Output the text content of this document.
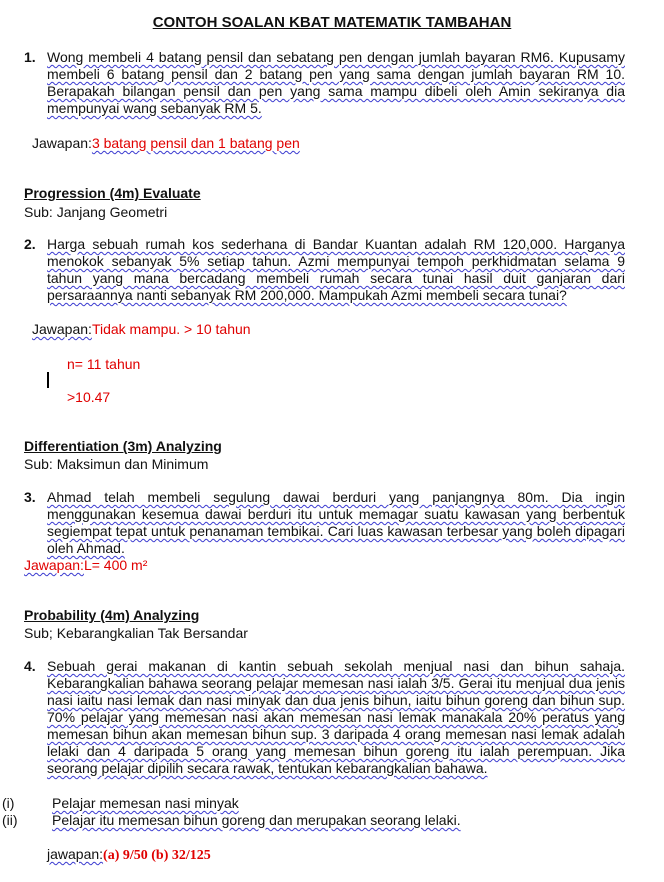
CONTOH SOALAN KBAT MATEMATIK TAMBAHAN
1. Wong membeli 4 batang pensil dan sebatang pen dengan jumlah bayaran RM6. Kupusamy membeli 6 batang pensil dan 2 batang pen yang sama dengan jumlah bayaran RM 10. Berapakah bilangan pensil dan pen yang sama mampu dibeli oleh Amin sekiranya dia mempunyai wang sebanyak RM 5.
Jawapan:3 batang pensil dan 1 batang pen
Progression (4m) Evaluate
Sub: Janjang Geometri
2. Harga sebuah rumah kos sederhana di Bandar Kuantan adalah RM 120,000. Harganya menokok sebanyak 5% setiap tahun. Azmi mempunyai tempoh perkhidmatan selama 9 tahun yang mana bercadang membeli rumah secara tunai hasil duit ganjaran dari persaraannya nanti sebanyak RM 200,000. Mampukah Azmi membeli secara tunai?
Jawapan:Tidak mampu. > 10 tahun
n= 11 tahun
>10.47
Differentiation (3m) Analyzing
Sub: Maksimun dan Minimum
3. Ahmad telah membeli segulung dawai berduri yang panjangnya 80m. Dia ingin menggunakan kesemua dawai berduri itu untuk memagar suatu kawasan yang berbentuk segiempat tepat untuk penanaman tembikai. Cari luas kawasan terbesar yang boleh dipagari oleh Ahmad.
Jawapan:L= 400 m²
Probability (4m) Analyzing
Sub; Kebarangkalian Tak Bersandar
4. Sebuah gerai makanan di kantin sebuah sekolah menjual nasi dan bihun sahaja. Kebarangkalian bahawa seorang pelajar memesan nasi ialah 3/5. Gerai itu menjual dua jenis nasi iaitu nasi lemak dan nasi minyak dan dua jenis bihun, iaitu bihun goreng dan bihun sup. 70% pelajar yang memesan nasi akan memesan nasi lemak manakala 20% peratus yang memesan bihun akan memesan bihun sup. 3 daripada 4 orang memesan nasi lemak adalah lelaki dan 4 daripada 5 orang yang memesan bihun goreng itu ialah perempuan. Jika seorang pelajar dipilih secara rawak, tentukan kebarangkalian bahawa.
(i)	Pelajar memesan nasi minyak
(ii) Pelajar itu memesan bihun goreng dan merupakan seorang lelaki.
jawapan:(a) 9/50 (b) 32/125
